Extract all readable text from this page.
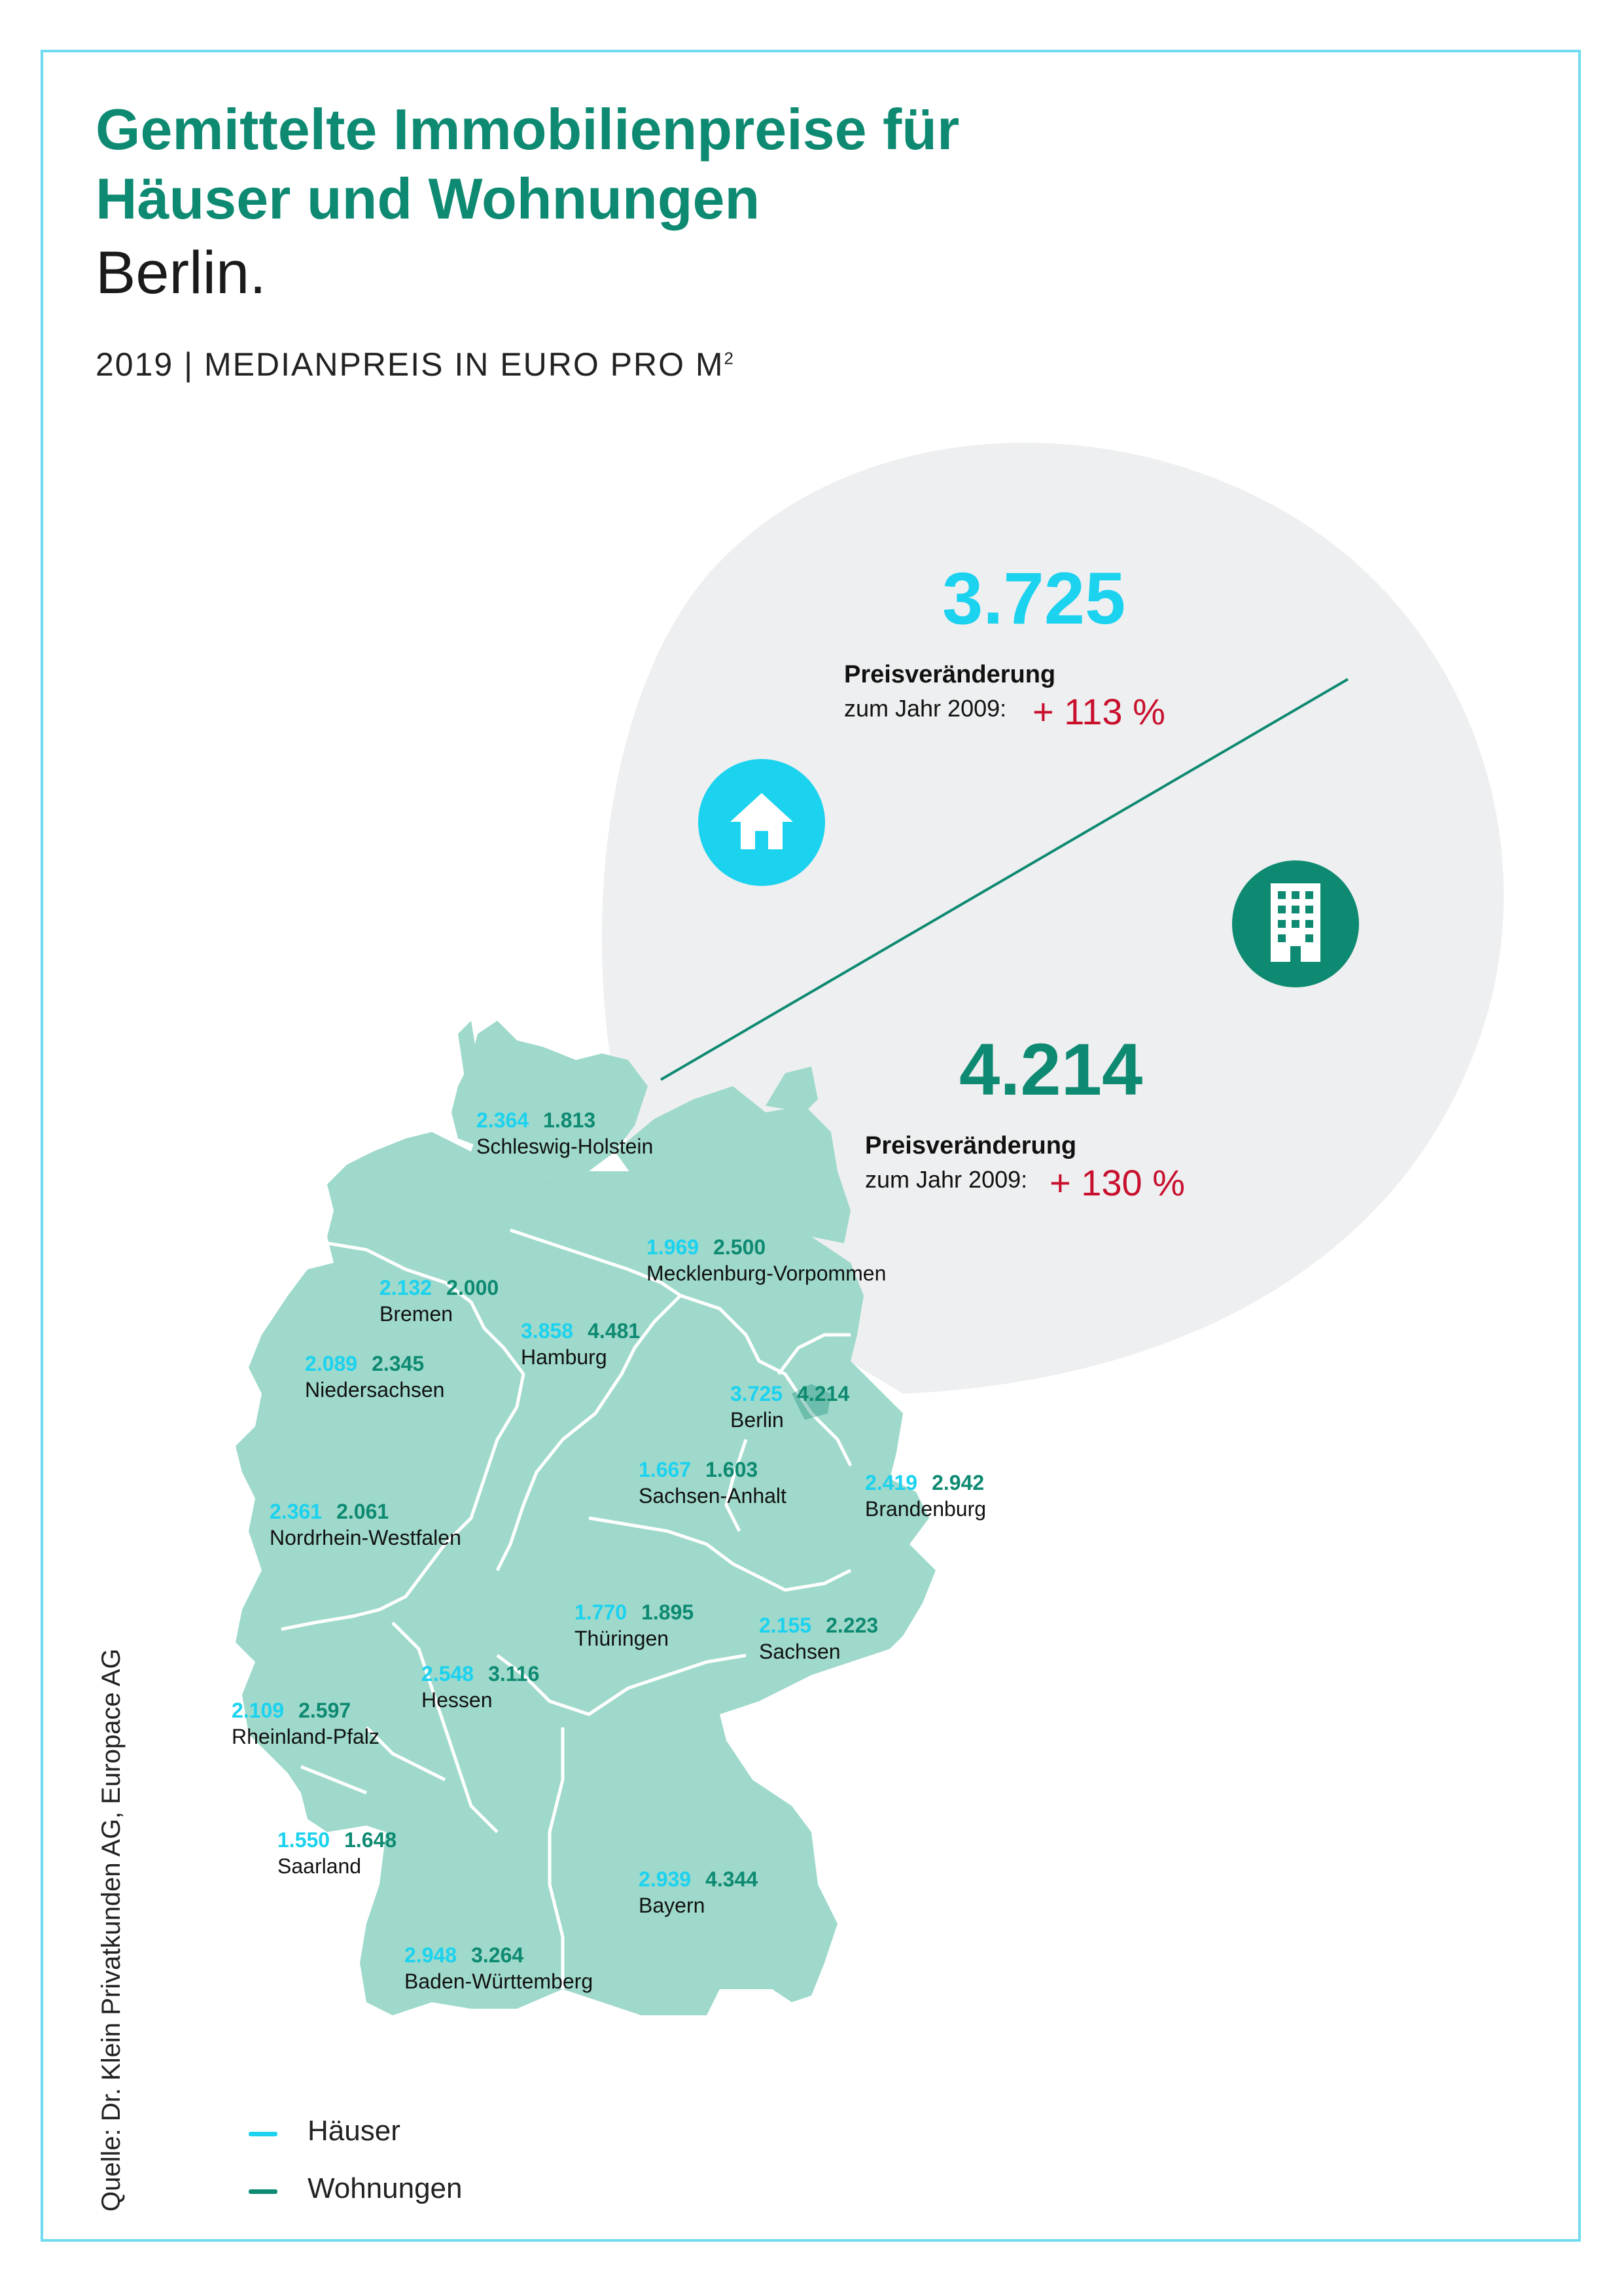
Gemittelte Immobilienpreise für
Häuser und Wohnungen
Berlin.
2019 | MEDIANPREIS IN EURO PRO $M^2$
3.725
Preisveränderung
zum Jahr 2009: + 113 %
4.214
Preisveränderung
zum Jahr 2009: + 130 %
2.364 1.813
Schleswig-Holstein
1.969 2.500
Mecklenburg-Vorpommen
2.132 2.000
Bremen
3.858 4.481
Hamburg
2.089 2.345
Niedersachsen	3.725 4.214
Berlin
1.667 1.603
Sachsen-Anhalt
2.419 2.942
Brandenburg
2.361 2.061
Nordrhein-Westfalen
1.770 1.895
Thüringen
2.155 2.223
Sachsen
2.548 3.116
Hessen
2.109 2.597
Rheinland-Pfalz
1.550 1.648
Saarland
2.939 4.344
Bayern
2.948 3.264
Baden-Württemberg
Häuser
Wohnungen
Quelle: Dr. Klein Privatkunden AG, Europace AG
